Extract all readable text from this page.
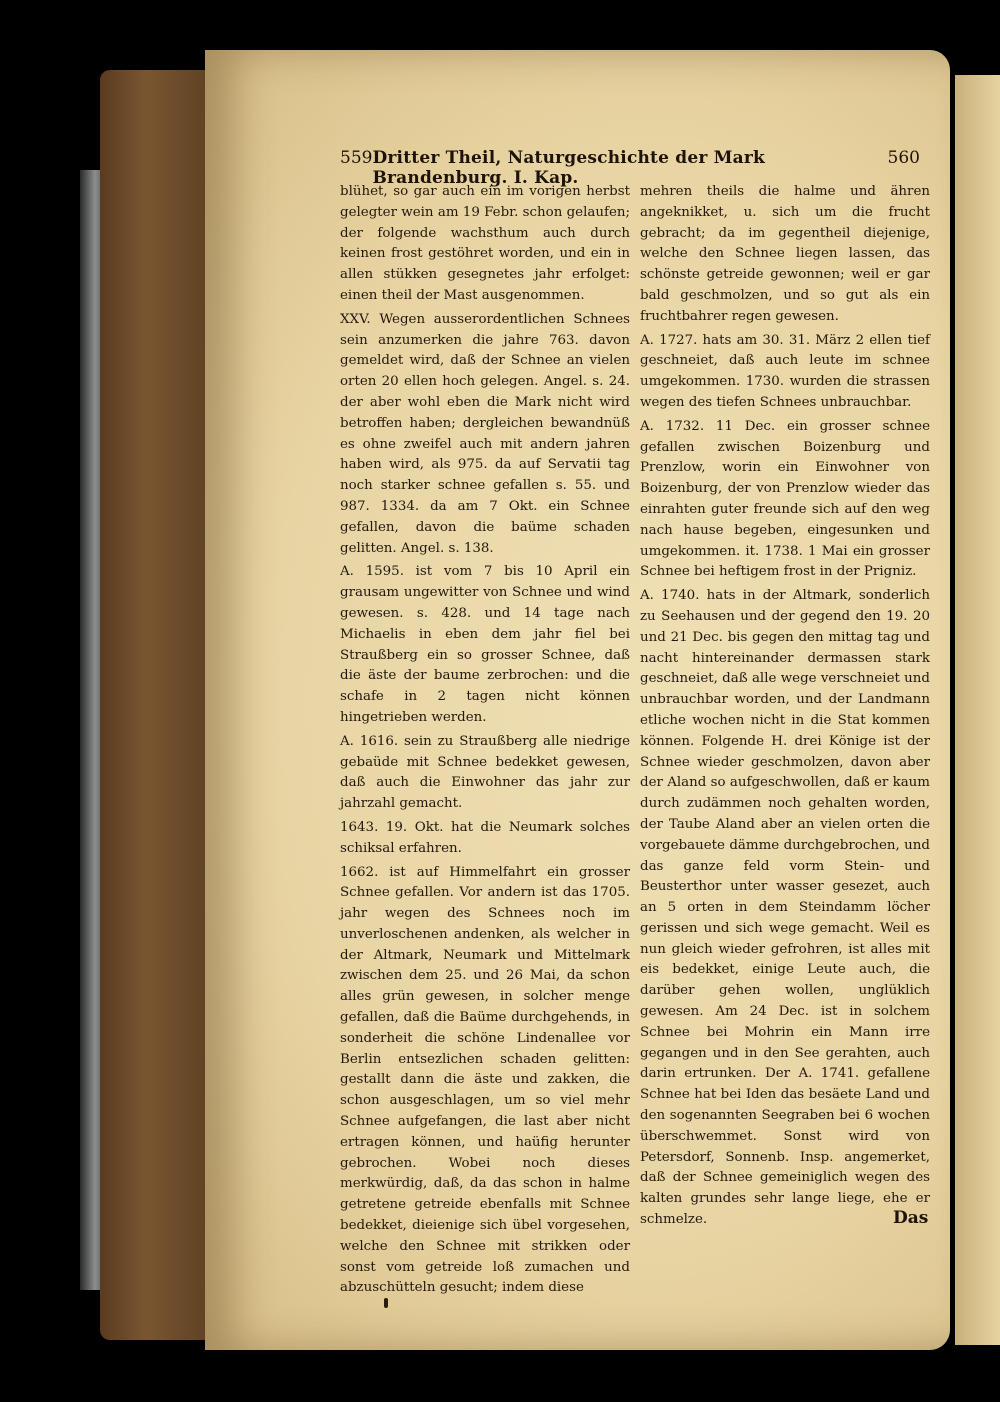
559 Dritter Theil, Naturgeschichte der Mark Brandenburg. I. Kap.
560

blühet, so gar auch ein im vorigen herbst gelegter wein am 19 Febr. schon gelaufen; der folgende wachsthum auch durch keinen frost gestöhret worden, und ein in allen stükken gesegnetes jahr erfolget: einen theil der Mast ausgenommen.

XXV. Wegen ausserordentlichen Schnees sein anzumerken die jahre 763. davon gemeldet wird, daß der Schnee an vielen orten 20 ellen hoch gelegen. Angel. s. 24. der aber wohl eben die Mark nicht wird betroffen haben; dergleichen bewandnüß es ohne zweifel auch mit andern jahren haben wird, als 975. da auf Servatii tag noch starker schnee gefallen s. 55. und 987. 1334. da am 7 Okt. ein Schnee gefallen, davon die baüme schaden gelitten. Angel. s. 138.

A. 1595. ist vom 7 bis 10 April ein grausam ungewitter von Schnee und wind gewesen. s. 428. und 14 tage nach Michaelis in eben dem jahr fiel bei Straußberg ein so grosser Schnee, daß die äste der baume zerbrochen: und die schafe in 2 tagen nicht können hingetrieben werden.

A. 1616. sein zu Straußberg alle niedrige gebaüde mit Schnee bedekket gewesen, daß auch die Einwohner das jahr zur jahrzahl gemacht.

1643. 19. Okt. hat die Neumark solches schiksal erfahren.

1662. ist auf Himmelfahrt ein grosser Schnee gefallen. Vor andern ist das 1705. jahr wegen des Schnees noch im unverloschenen andenken, als welcher in der Altmark, Neumark und Mittelmark zwischen dem 25. und 26 Mai, da schon alles grün gewesen, in solcher menge gefallen, daß die Baüme durchgehends, in sonderheit die schöne Lindenallee vor Berlin entsezlichen schaden gelitten: gestallt dann die äste und zakken, die schon ausgeschlagen, um so viel mehr Schnee aufgefangen, die last aber nicht ertragen können, und haüfig herunter gebrochen. Wobei noch dieses merkwürdig, daß, da das schon in halme getretene getreide ebenfalls mit Schnee bedekket, dieienige sich übel vorgesehen, welche den Schnee mit strikken oder sonst vom getreide loß zumachen und abzuschütteln gesucht; indem diese

mehren theils die halme und ähren angeknikket, u. sich um die frucht gebracht; da im gegentheil diejenige, welche den Schnee liegen lassen, das schönste getreide gewonnen; weil er gar bald geschmolzen, und so gut als ein fruchtbahrer regen gewesen.

A. 1727. hats am 30. 31. März 2 ellen tief geschneiet, daß auch leute im schnee umgekommen. 1730. wurden die strassen wegen des tiefen Schnees unbrauchbar.

A. 1732. 11 Dec. ein grosser schnee gefallen zwischen Boizenburg und Prenzlow, worin ein Einwohner von Boizenburg, der von Prenzlow wieder das einrahten guter freunde sich auf den weg nach hause begeben, eingesunken und umgekommen. it. 1738. 1 Mai ein grosser Schnee bei heftigem frost in der Prigniz.

A. 1740. hats in der Altmark, sonderlich zu Seehausen und der gegend den 19. 20 und 21 Dec. bis gegen den mittag tag und nacht hintereinander dermassen stark geschneiet, daß alle wege verschneiet und unbrauchbar worden, und der Landmann etliche wochen nicht in die Stat kommen können. Folgende H. drei Könige ist der Schnee wieder geschmolzen, davon aber der Aland so aufgeschwollen, daß er kaum durch zudämmen noch gehalten worden, der Taube Aland aber an vielen orten die vorgebauete dämme durchgebrochen, und das ganze feld vorm Stein- und Beusterthor unter wasser gesezet, auch an 5 orten in dem Steindamm löcher gerissen und sich wege gemacht. Weil es nun gleich wieder gefrohren, ist alles mit eis bedekket, einige Leute auch, die darüber gehen wollen, unglüklich gewesen. Am 24 Dec. ist in solchem Schnee bei Mohrin ein Mann irre gegangen und in den See gerahten, auch darin ertrunken. Der A. 1741. gefallene Schnee hat bei Iden das besäete Land und den sogenannten Seegraben bei 6 wochen überschwemmet. Sonst wird von Petersdorf, Sonnenb. Insp. angemerket, daß der Schnee gemeiniglich wegen des kalten grundes sehr lange liege, ehe er schmelze.	Das
